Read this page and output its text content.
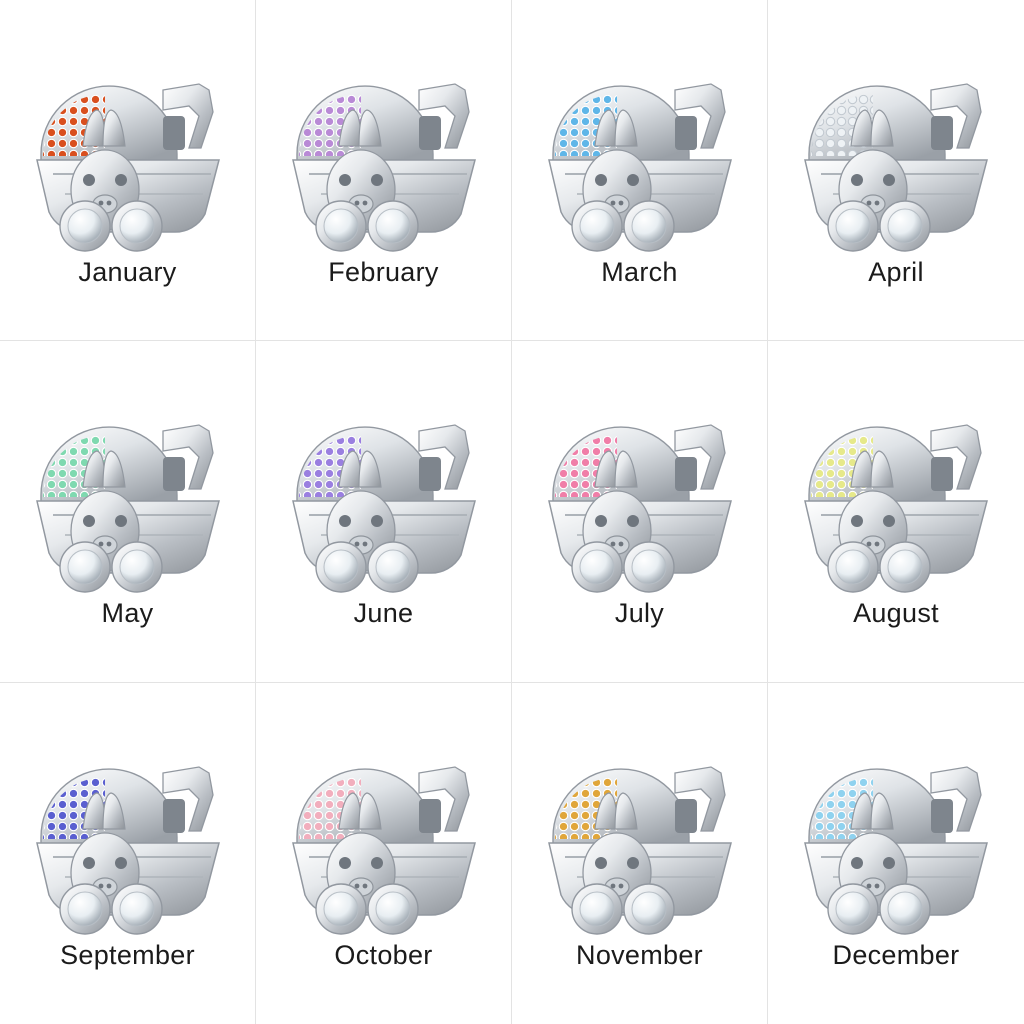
January	February	March	April
May	June	July	August
September	October	November	December
